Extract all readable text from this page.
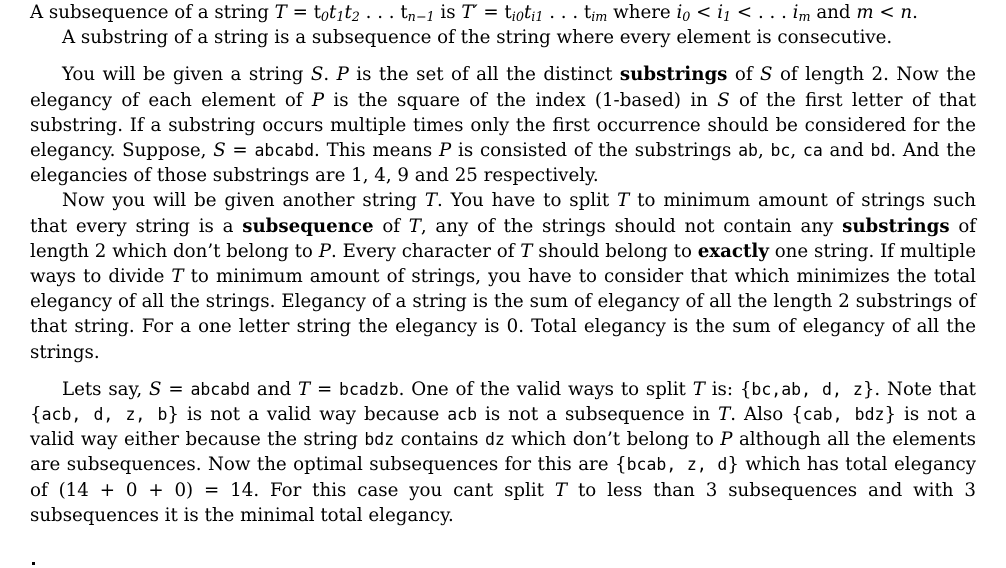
A subsequence of a string $T = t_0t_1t_2$ . . . $t_{n-1}$ is $T' = t_{i0}t_{i1}$ . . . $t_{im}$ where $i_0 < i_1$ < . . . $i_m$ and m < n.

A substring of a string is a subsequence of the string where every element is consecutive.

You will be given a string S. P is the set of all the distinct substrings of S of length 2. Now the elegancy of each element of P is the square of the index (1-based) in S of the first letter of that substring. If a substring occurs multiple times only the first occurrence should be considered for the elegancy. Suppose, S = abcabd. This means P is consisted of the substrings ab, bc, ca and bd. And the elegancies of those substrings are 1, 4, 9 and 25 respectively.

Now you will be given another string T. You have to split T to minimum amount of strings such that every string is a subsequence of T, any of the strings should not contain any substrings of length 2 which don’t belong to P. Every character of T should belong to exactly one string. If multiple ways to divide T to minimum amount of strings, you have to consider that which minimizes the total elegancy of all the strings. Elegancy of a string is the sum of elegancy of all the length 2 substrings of that string. For a one letter string the elegancy is 0. Total elegancy is the sum of elegancy of all the strings.

Lets say, S = abcabd and T = bcadzb. One of the valid ways to split T is: {bc,ab, d, z}. Note that {acb, d, z, b} is not a valid way because acb is not a subsequence in T. Also {cab, bdz} is not a valid way either because the string bdz contains dz which don’t belong to P although all the elements are subsequences. Now the optimal subsequences for this are {bcab, z, d} which has total elegancy of (14 + 0 + 0) = 14. For this case you cant split T to less than 3 subsequences and with 3 subsequences it is the minimal total elegancy.
